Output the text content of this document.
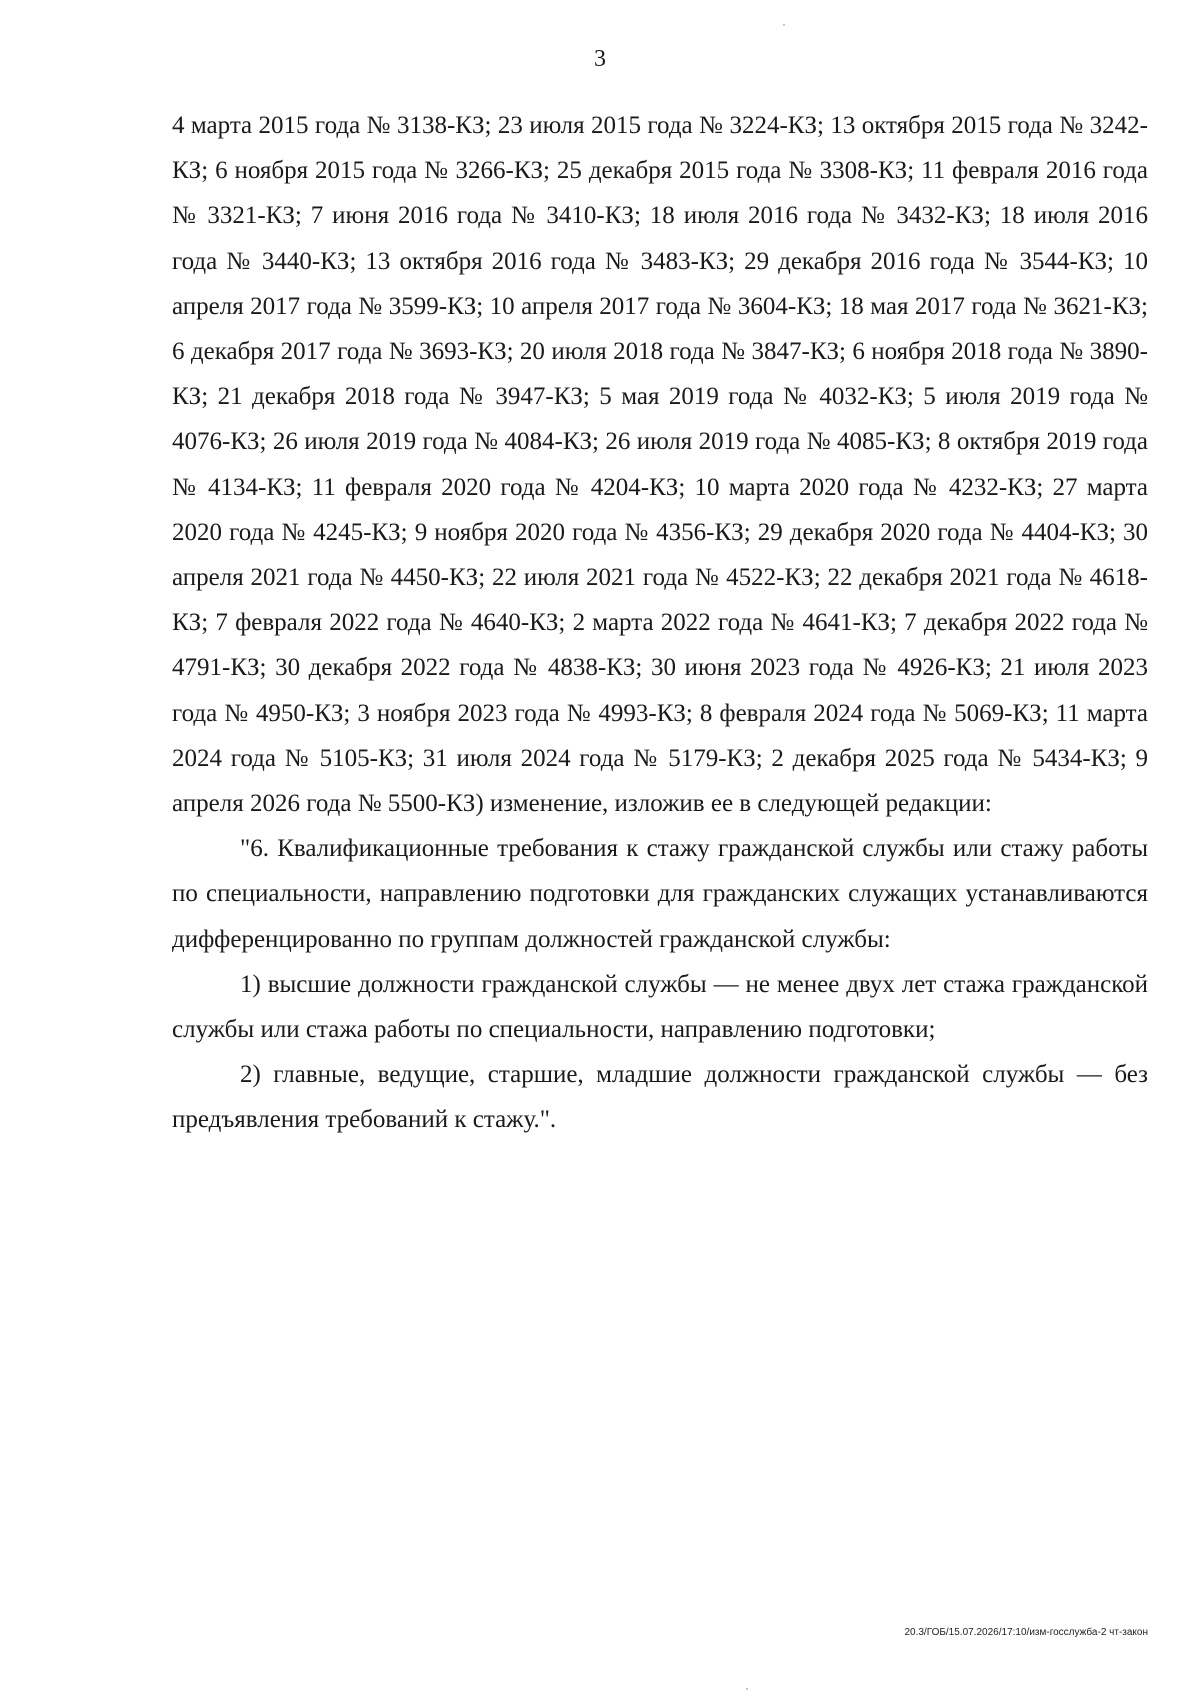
3

4 марта 2015 года № 3138-КЗ; 23 июля 2015 года № 3224-КЗ; 13 октября 2015 года № 3242-КЗ; 6 ноября 2015 года № 3266-КЗ; 25 декабря 2015 года № 3308-КЗ; 11 февраля 2016 года № 3321-КЗ; 7 июня 2016 года № 3410-КЗ; 18 июля 2016 года № 3432-КЗ; 18 июля 2016 года № 3440-КЗ; 13 октября 2016 года № 3483-КЗ; 29 декабря 2016 года № 3544-КЗ; 10 апреля 2017 года № 3599-КЗ; 10 апреля 2017 года № 3604-КЗ; 18 мая 2017 года № 3621-КЗ; 6 декабря 2017 года № 3693-КЗ; 20 июля 2018 года № 3847-КЗ; 6 ноября 2018 года № 3890-КЗ; 21 декабря 2018 года № 3947-КЗ; 5 мая 2019 года № 4032-КЗ; 5 июля 2019 года № 4076-КЗ; 26 июля 2019 года № 4084-КЗ; 26 июля 2019 года № 4085-КЗ; 8 октября 2019 года № 4134-КЗ; 11 февраля 2020 года № 4204-КЗ; 10 марта 2020 года № 4232-КЗ; 27 марта 2020 года № 4245-КЗ; 9 ноября 2020 года № 4356-КЗ; 29 декабря 2020 года № 4404-КЗ; 30 апреля 2021 года № 4450-КЗ; 22 июля 2021 года № 4522-КЗ; 22 декабря 2021 года № 4618-КЗ; 7 февраля 2022 года № 4640-КЗ; 2 марта 2022 года № 4641-КЗ; 7 декабря 2022 года № 4791-КЗ; 30 декабря 2022 года № 4838-КЗ; 30 июня 2023 года № 4926-КЗ; 21 июля 2023 года № 4950-КЗ; 3 ноября 2023 года № 4993-КЗ; 8 февраля 2024 года № 5069-КЗ; 11 марта 2024 года № 5105-КЗ; 31 июля 2024 года № 5179-КЗ; 2 декабря 2025 года № 5434-КЗ; 9 апреля 2026 года № 5500-КЗ) изменение, изложив ее в следующей редакции:

"6. Квалификационные требования к стажу гражданской службы или стажу работы по специальности, направлению подготовки для гражданских служащих устанавливаются дифференцированно по группам должностей гражданской службы:

1) высшие должности гражданской службы — не менее двух лет стажа гражданской службы или стажа работы по специальности, направлению подготовки;

2) главные, ведущие, старшие, младшие должности гражданской службы — без предъявления требований к стажу.".

20.3/ГОБ/15.07.2026/17:10/изм-госслужба-2 чт-закон
